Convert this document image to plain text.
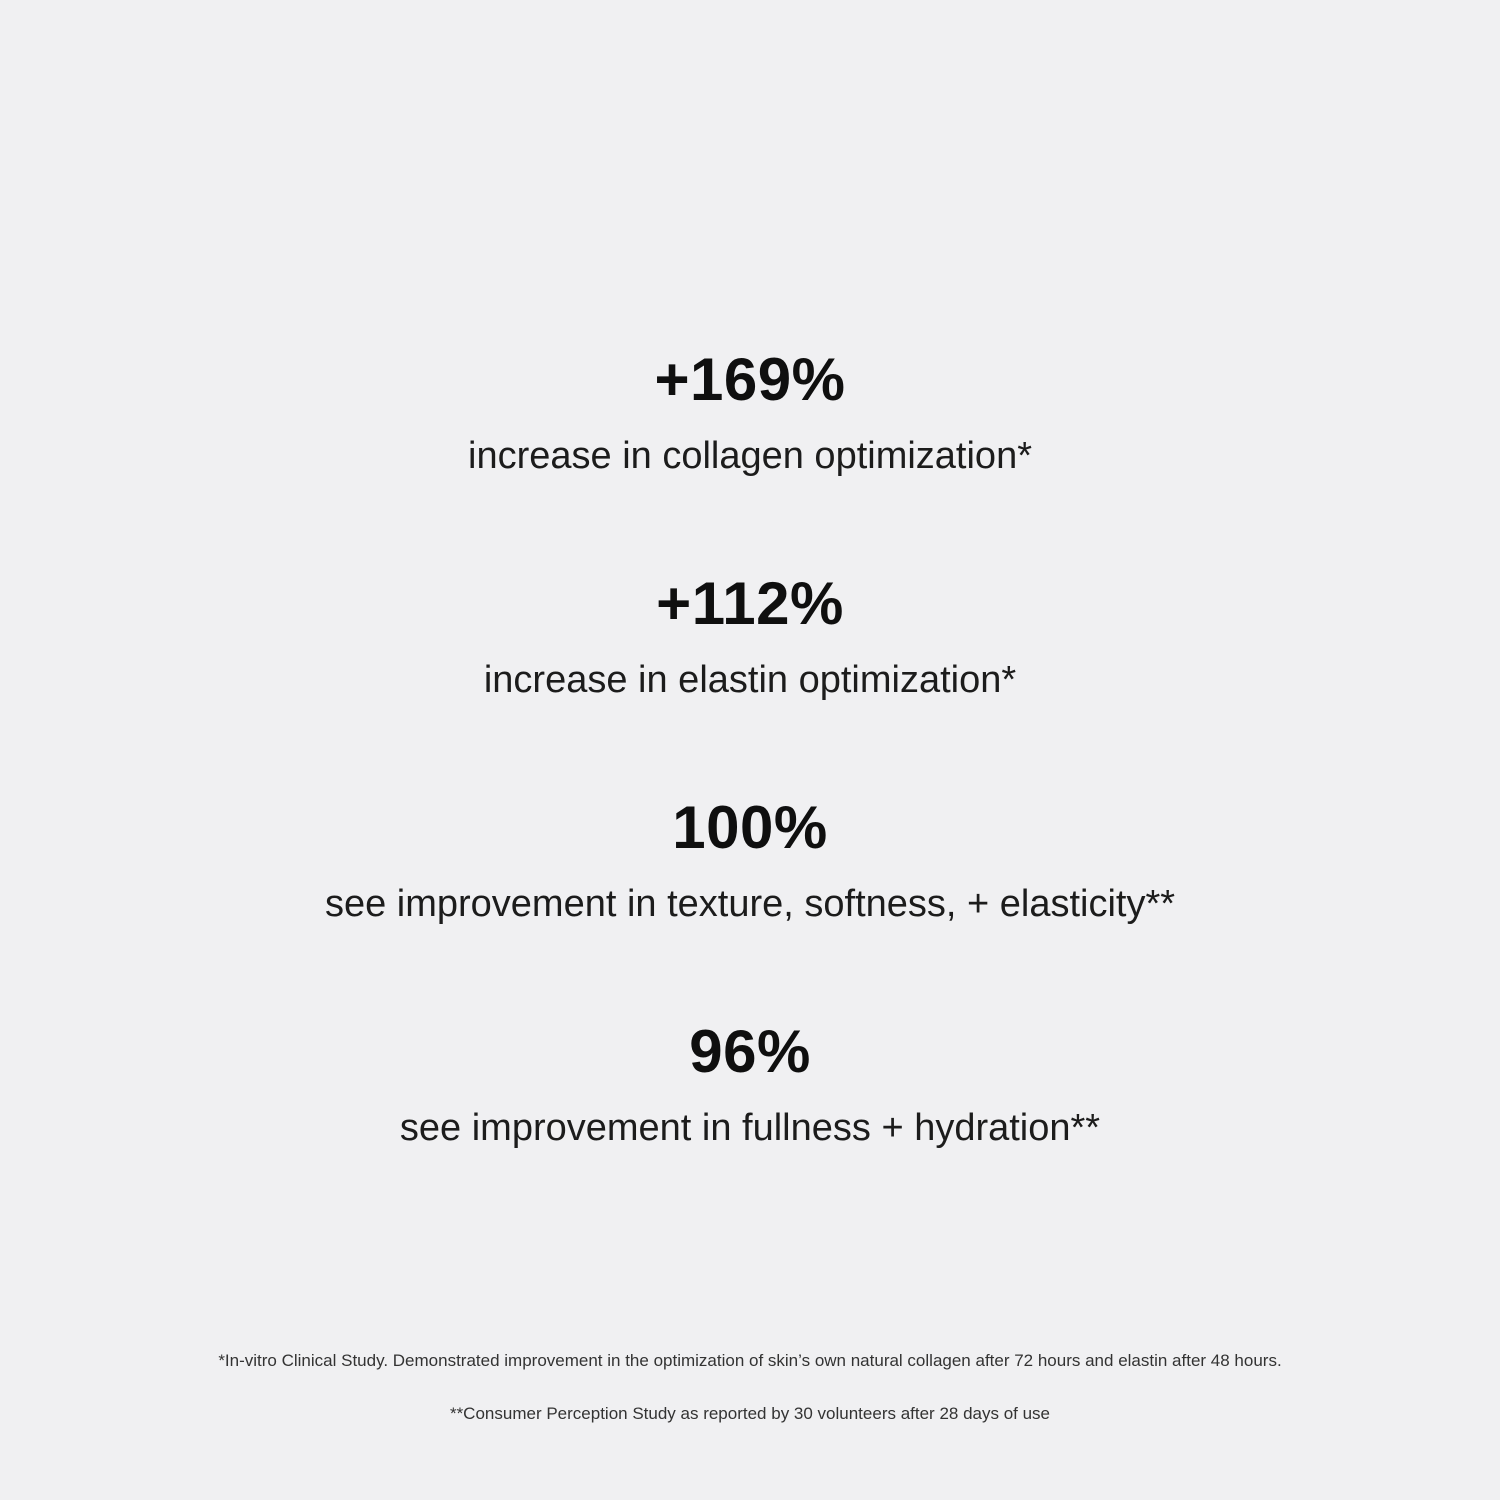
+169%
increase in collagen optimization*
+112%
increase in elastin optimization*
100%
see improvement in texture, softness, + elasticity**
96%
see improvement in fullness + hydration**
*In-vitro Clinical Study. Demonstrated improvement in the optimization of skin’s own natural collagen after 72 hours and elastin after 48 hours.
**Consumer Perception Study as reported by 30 volunteers after 28 days of use
